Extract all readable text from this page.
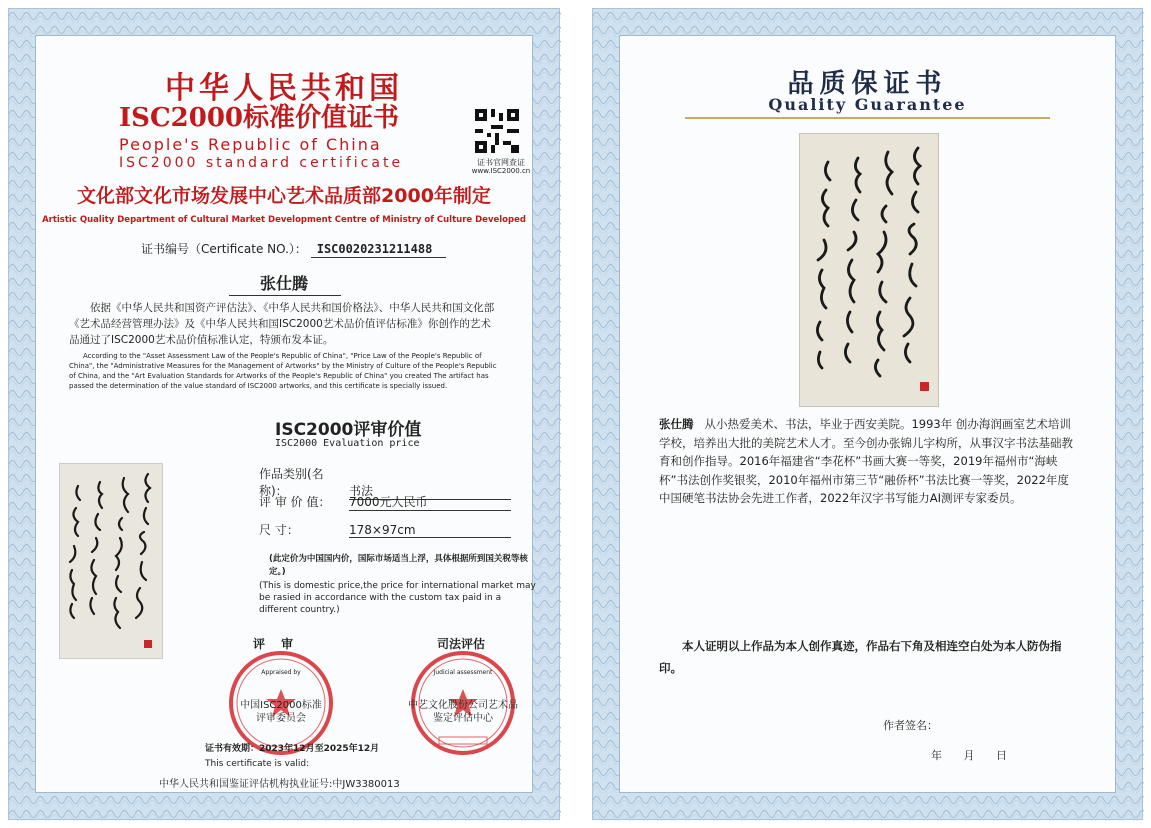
中华人民共和国
ISC2000标准价值证书
People's Republic of China
ISC2000 standard certificate	证书官网查证
www.ISC2000.cn
文化部文化市场发展中心艺术品质部2000年制定
Artistic Quality Department of Cultural Market Development Centre of Ministry of Culture Developed
证书编号（Certificate NO.）： ISC0020231211488
张仕腾
依据《中华人民共和国资产评估法》、《中华人民共和国价格法》、中华人民共和国文化部《艺术品经营管理办法》及《中华人民共和国ISC2000艺术品价值评估标准》你创作的艺术品通过了ISC2000艺术品价值标准认定，特颁布发本证。
According to the "Asset Assessment Law of the People's Republic of China", "Price Law of the People's Republic of China", the "Administrative Measures for the Management of Artworks" by the Ministry of Culture of the People's Republic of China, and the "Art Evaluation Standards for Artworks of the People's Republic of China" you created The artifact has passed the determination of the value standard of ISC2000 artworks, and this certificate is specially issued.
ISC2000评审价值
ISC2000 Evaluation price
作品类别(名称)：	书法
评 审 价 值： 7000元人民币
尺 寸：	178×97cm
(此定价为中国国内价，国际市场适当上浮，具体根据所到国关税等核定。)
(This is domestic price,the price for international market may be rasied in accordance with the custom tax paid in a different country.)
评审	司法评估
Appraised by
中国ISC2000标准
评审委员会
Judicial assessment
中艺文化股份公司艺术品
鉴定评估中心
证书有效期：2023年12月至2025年12月
This certificate is valid:
中华人民共和国鉴证评估机构执业证号:中JW3380013
品质保证书
Quality Guarantee
张仕腾 从小热爱美术、书法，毕业于西安美院。1993年 创办海润画室艺术培训学校，培养出大批的美院艺术人才。至今创办张锦儿字构所，从事汉字书法基础教育和创作指导。2016年福建省“李花杯”书画大赛一等奖，2019年福州市“海峡杯”书法创作奖银奖，2010年福州市第三节“融侨杯”书法比赛一等奖，2022年度中国硬笔书法协会先进工作者，2022年汉字书写能力AI测评专家委员。
本人证明以上作品为本人创作真迹，作品右下角及相连空白处为本人防伪指印。
作者签名：
年 月 日
